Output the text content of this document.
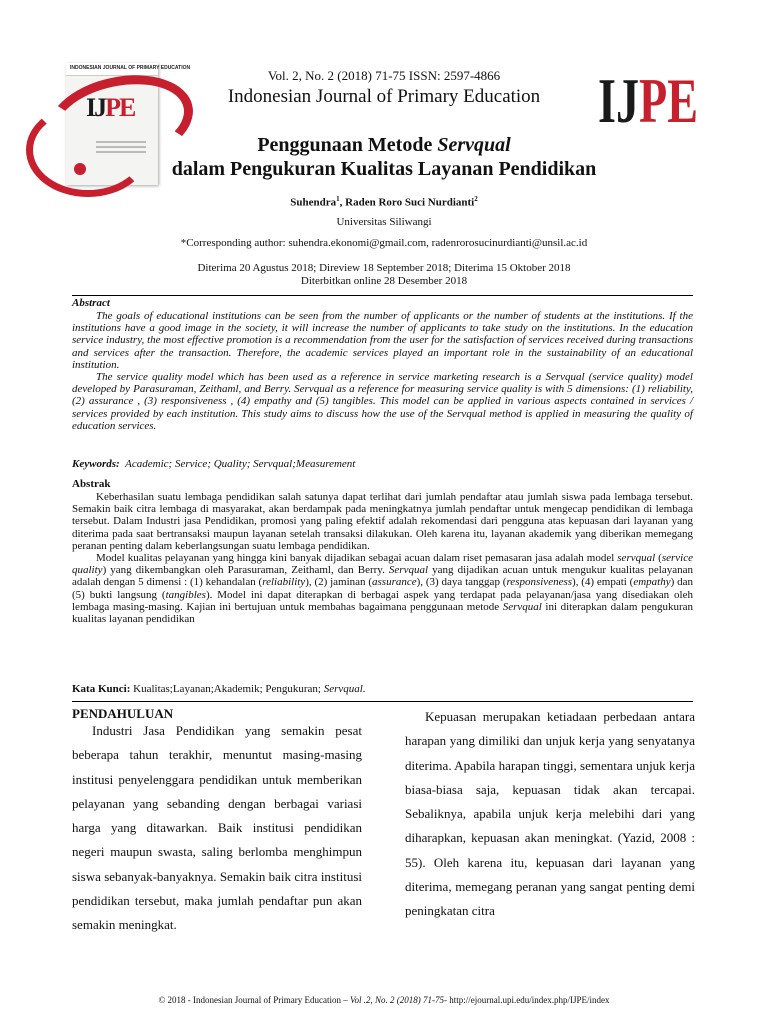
INDONESIAN JOURNAL OF PRIMARY EDUCATION
IJPE	IJPE
Vol. 2, No. 2 (2018) 71-75 ISSN: 2597-4866
Indonesian Journal of Primary Education
Penggunaan Metode Servqual
dalam Pengukuran Kualitas Layanan Pendidikan
Suhendra$^1$, Raden Roro Suci Nurdianti$^2$
Universitas Siliwangi
*Corresponding author: suhendra.ekonomi@gmail.com, radenrorosucinurdianti@unsil.ac.id
Diterima 20 Agustus 2018; Direview 18 September 2018; Diterima 15 Oktober 2018
Diterbitkan online 28 Desember 2018
Abstract

The goals of educational institutions can be seen from the number of applicants or the number of students at the institutions. If the institutions have a good image in the society, it will increase the number of applicants to take study on the institutions. In the education service industry, the most effective promotion is a recommendation from the user for the satisfaction of services received during transactions and services after the transaction. Therefore, the academic services played an important role in the sustainability of an educational institution.

The service quality model which has been used as a reference in service marketing research is a Servqual (service quality) model developed by Parasuraman, Zeithaml, and Berry. Servqual as a reference for measuring service quality is with 5 dimensions: (1) reliability, (2) assurance , (3) responsiveness , (4) empathy and (5) tangibles. This model can be applied in various aspects contained in services / services provided by each institution. This study aims to discuss how the use of the Servqual method is applied in measuring the quality of education services.

Keywords: Academic; Service; Quality; Servqual;Measurement
Abstrak

Keberhasilan suatu lembaga pendidikan salah satunya dapat terlihat dari jumlah pendaftar atau jumlah siswa pada lembaga tersebut. Semakin baik citra lembaga di masyarakat, akan berdampak pada meningkatnya jumlah pendaftar untuk mengecap pendidikan di lembaga tersebut. Dalam Industri jasa Pendidikan, promosi yang paling efektif adalah rekomendasi dari pengguna atas kepuasan dari layanan yang diterima pada saat bertransaksi maupun layanan setelah transaksi dilakukan. Oleh karena itu, layanan akademik yang diberikan memegang peranan penting dalam keberlangsungan suatu lembaga pendidikan.

Model kualitas pelayanan yang hingga kini banyak dijadikan sebagai acuan dalam riset pemasaran jasa adalah model servqual (service quality) yang dikembangkan oleh Parasuraman, Zeithaml, dan Berry. Servqual yang dijadikan acuan untuk mengukur kualitas pelayanan adalah dengan 5 dimensi : (1) kehandalan (reliability), (2) jaminan (assurance), (3) daya tanggap (responsiveness), (4) empati (empathy) dan (5) bukti langsung (tangibles). Model ini dapat diterapkan di berbagai aspek yang terdapat pada pelayanan/jasa yang disediakan oleh lembaga masing-masing. Kajian ini bertujuan untuk membahas bagaimana penggunaan metode Servqual ini diterapkan dalam pengukuran kualitas layanan pendidikan

Kata Kunci: Kualitas;Layanan;Akademik; Pengukuran; Servqual.
PENDAHULUAN

Industri Jasa Pendidikan yang semakin pesat beberapa tahun terakhir, menuntut masing-masing institusi penyelenggara pendidikan untuk memberikan pelayanan yang sebanding dengan berbagai variasi harga yang ditawarkan. Baik institusi pendidikan negeri maupun swasta, saling berlomba menghimpun siswa sebanyak-banyaknya. Semakin baik citra institusi pendidikan tersebut, maka jumlah pendaftar pun akan semakin meningkat.

Kepuasan merupakan ketiadaan perbedaan antara harapan yang dimiliki dan unjuk kerja yang senyatanya diterima. Apabila harapan tinggi, sementara unjuk kerja biasa-biasa saja, kepuasan tidak akan tercapai. Sebaliknya, apabila unjuk kerja melebihi dari yang diharapkan, kepuasan akan meningkat. (Yazid, 2008 : 55). Oleh karena itu, kepuasan dari layanan yang diterima, memegang peranan yang sangat penting demi peningkatan citra

© 2018 - Indonesian Journal of Primary Education – Vol .2, No. 2 (2018) 71-75- http://ejournal.upi.edu/index.php/IJPE/index
